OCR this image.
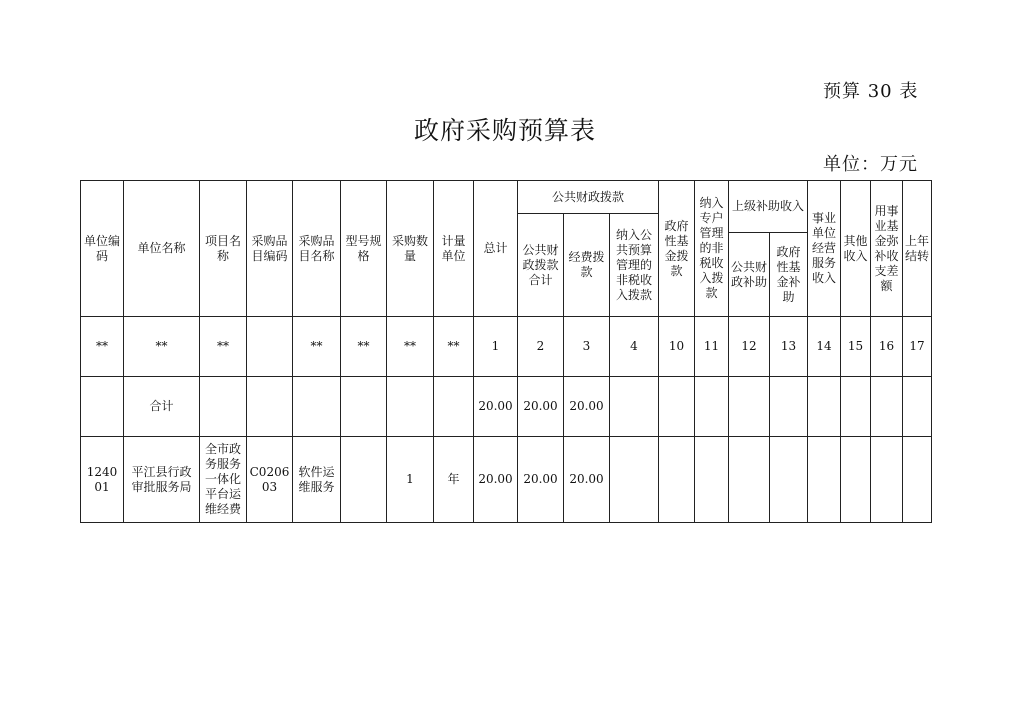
预算 30 表
政府采购预算表
单位：万元
单位编码	单位名称	项目名称	采购品目编码	采购品目名称	型号规格	采购数量	计量单位	总计	公共财政拨款			政府性基金拨款	纳入专户管理的非税收入拨款	上级补助收入		事业单位经营服务收入	其他收入	用事业基金弥补收支差额	上年结转
									公共财政拨款合计	经费拨款	纳入公共预算管理的非税收入拨款								
														公共财政补助	政府性基金补助				
**	**	**		**	**	**	**	1	2	3	4	10	11	12	13	14	15	16	17
	合计							20.00	20.00	20.00									
124001	平江县行政审批服务局	全市政务服务一体化平台运维经费	C020603	软件运维服务		1	年	20.00	20.00	20.00									
